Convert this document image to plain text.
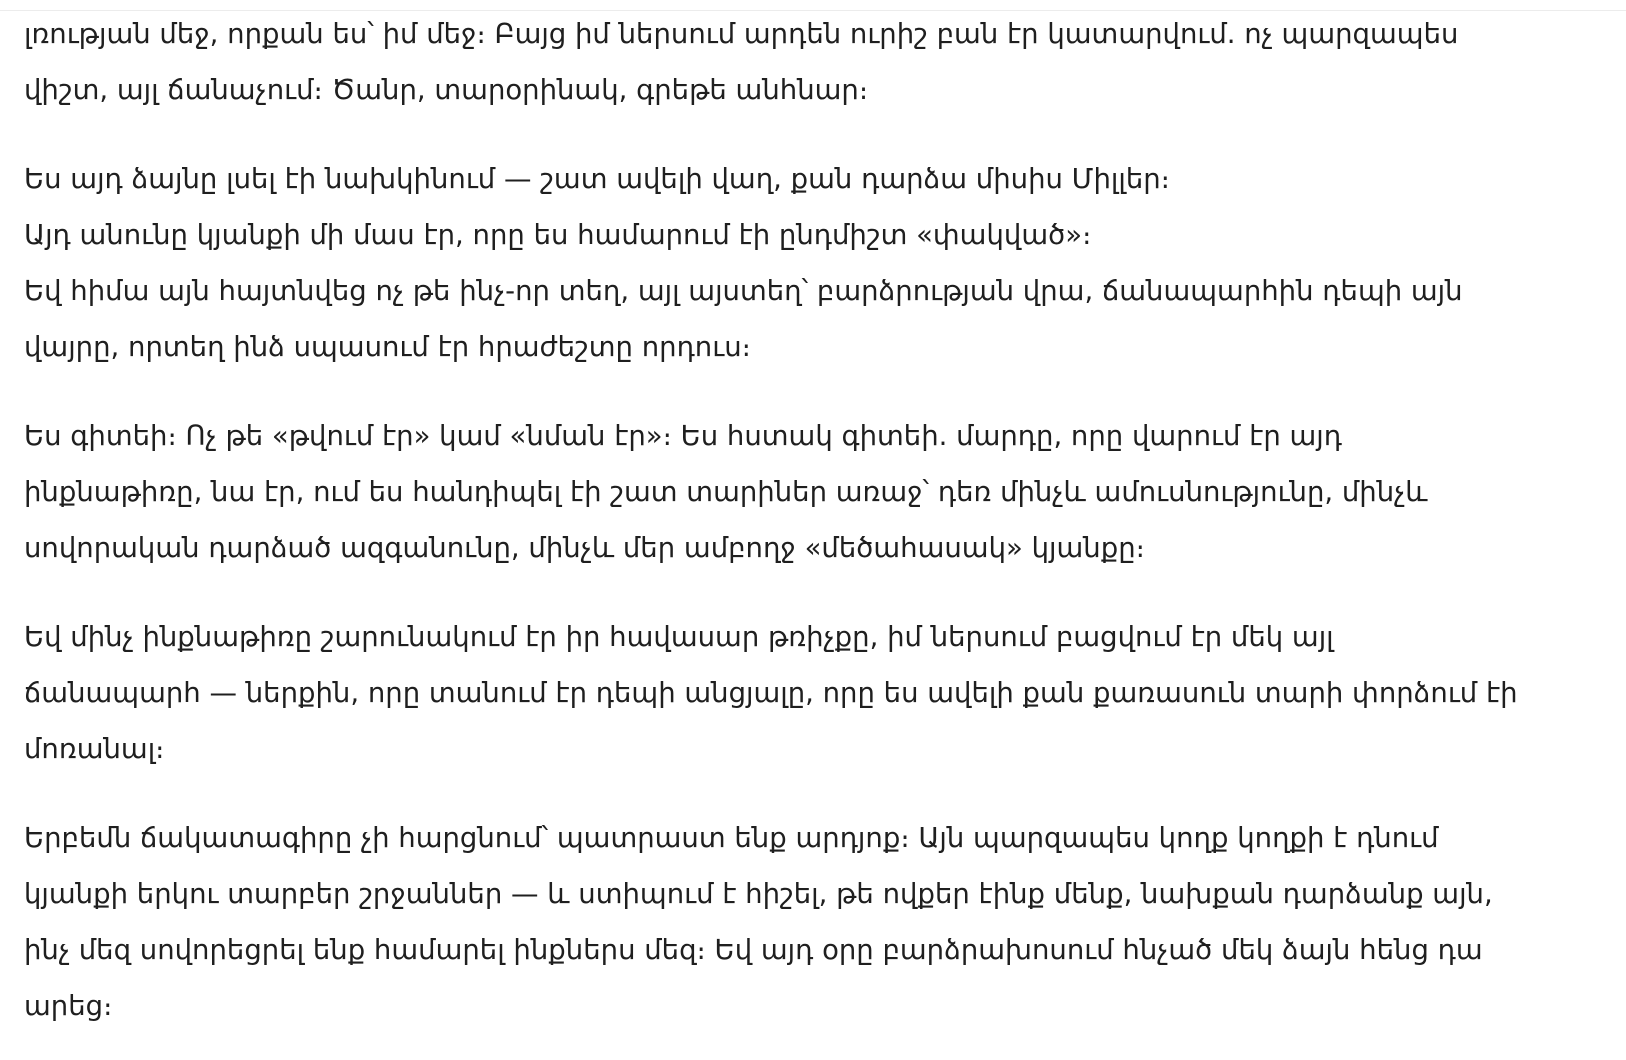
լռության մեջ, որքան ես՝ իմ մեջ։ Բայց իմ ներսում արդեն ուրիշ բան էր կատարվում. ոչ պարզապես
վիշտ, այլ ճանաչում։ Ծանր, տարօրինակ, գրեթե անհնար։
Ես այդ ձայնը լսել էի նախկինում — շատ ավելի վաղ, քան դարձա միսիս Միլլեր։
Այդ անունը կյանքի մի մաս էր, որը ես համարում էի ընդմիշտ «փակված»։
Եվ հիմա այն հայտնվեց ոչ թե ինչ-որ տեղ, այլ այստեղ՝ բարձրության վրա, ճանապարհին դեպի այն
վայրը, որտեղ ինձ սպասում էր հրաժեշտը որդուս։
Ես գիտեի։ Ոչ թե «թվում էր» կամ «նման էր»։ Ես հստակ գիտեի. մարդը, որը վարում էր այդ
ինքնաթիռը, նա էր, ում ես հանդիպել էի շատ տարիներ առաջ՝ դեռ մինչև ամուսնությունը, մինչև
սովորական դարձած ազգանունը, մինչև մեր ամբողջ «մեծահասակ» կյանքը։
Եվ մինչ ինքնաթիռը շարունակում էր իր հավասար թռիչքը, իմ ներսում բացվում էր մեկ այլ
ճանապարհ — ներքին, որը տանում էր դեպի անցյալը, որը ես ավելի քան քառասուն տարի փորձում էի
մոռանալ։
Երբեմն ճակատագիրը չի հարցնում՝ պատրաստ ենք արդյոք։ Այն պարզապես կողք կողքի է դնում
կյանքի երկու տարբեր շրջաններ — և ստիպում է հիշել, թե ովքեր էինք մենք, նախքան դարձանք այն,
ինչ մեզ սովորեցրել ենք համարել ինքներս մեզ։ Եվ այդ օրը բարձրախոսում հնչած մեկ ձայն հենց դա
արեց։
